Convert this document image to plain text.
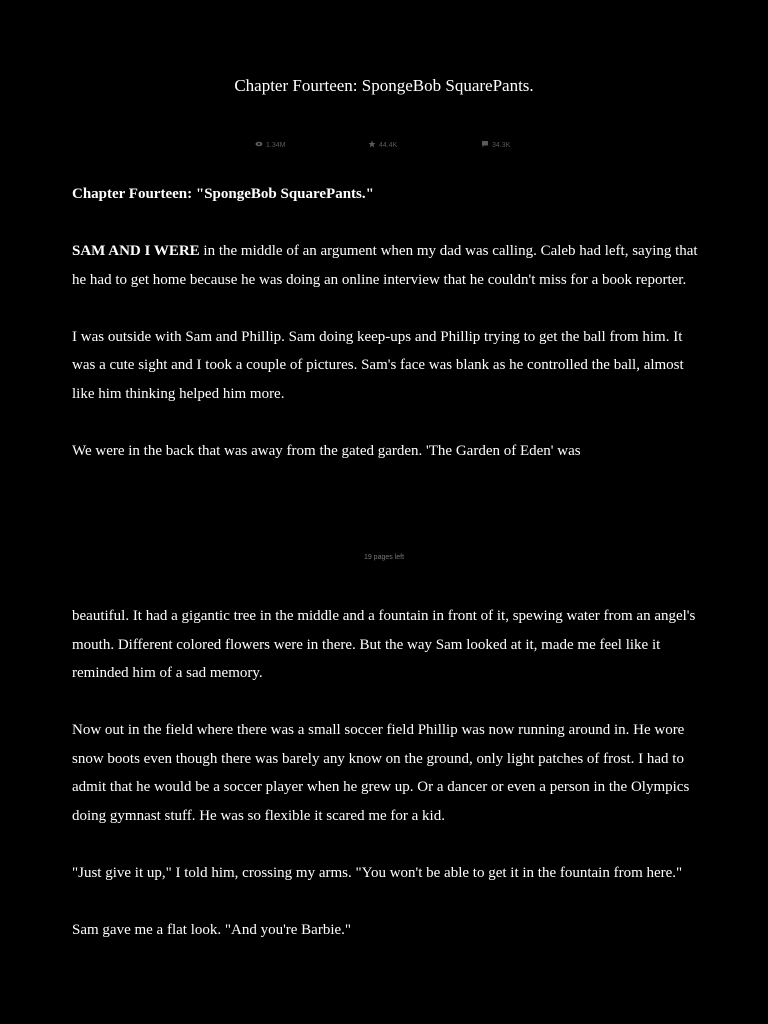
Chapter Fourteen: SpongeBob SquarePants.
1.34M	44.4K	34.3K

Chapter Fourteen: "SpongeBob SquarePants."

SAM AND I WERE in the middle of an argument when my dad was calling. Caleb had left, saying that he had to get home because he was doing an online interview that he couldn't miss for a book reporter.

I was outside with Sam and Phillip. Sam doing keep-ups and Phillip trying to get the ball from him. It was a cute sight and I took a couple of pictures. Sam's face was blank as he controlled the ball, almost like him thinking helped him more.

We were in the back that was away from the gated garden. 'The Garden of Eden' was

19 pages left

beautiful. It had a gigantic tree in the middle and a fountain in front of it, spewing water from an angel's mouth. Different colored flowers were in there. But the way Sam looked at it, made me feel like it reminded him of a sad memory.

Now out in the field where there was a small soccer field Phillip was now running around in. He wore snow boots even though there was barely any know on the ground, only light patches of frost. I had to admit that he would be a soccer player when he grew up. Or a dancer or even a person in the Olympics doing gymnast stuff. He was so flexible it scared me for a kid.

"Just give it up," I told him, crossing my arms. "You won't be able to get it in the fountain from here."

Sam gave me a flat look. "And you're Barbie."
